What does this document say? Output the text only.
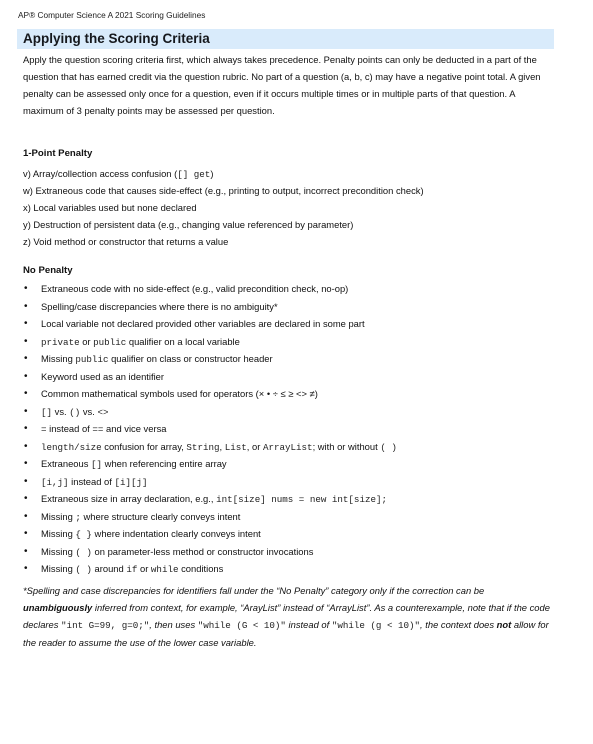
AP® Computer Science A 2021 Scoring Guidelines
Applying the Scoring Criteria
Apply the question scoring criteria first, which always takes precedence. Penalty points can only be deducted in a part of the question that has earned credit via the question rubric. No part of a question (a, b, c) may have a negative point total. A given penalty can be assessed only once for a question, even if it occurs multiple times or in multiple parts of that question. A maximum of 3 penalty points may be assessed per question.
1-Point Penalty
v) Array/collection access confusion ([] get)
w) Extraneous code that causes side-effect (e.g., printing to output, incorrect precondition check)
x) Local variables used but none declared
y) Destruction of persistent data (e.g., changing value referenced by parameter)
z) Void method or constructor that returns a value
No Penalty
• Extraneous code with no side-effect (e.g., valid precondition check, no-op)
• Spelling/case discrepancies where there is no ambiguity*
• Local variable not declared provided other variables are declared in some part
• private or public qualifier on a local variable
• Missing public qualifier on class or constructor header
• Keyword used as an identifier
• Common mathematical symbols used for operators (× • ÷ ≤ ≥ <> ≠)
• [] vs. () vs. <>
• = instead of == and vice versa
• length/size confusion for array, String, List, or ArrayList; with or without ( )
• Extraneous [] when referencing entire array
• [i,j] instead of [i][j]
• Extraneous size in array declaration, e.g., int[size] nums = new int[size];
• Missing ; where structure clearly conveys intent
• Missing { } where indentation clearly conveys intent
• Missing ( ) on parameter-less method or constructor invocations
• Missing ( ) around if or while conditions
*Spelling and case discrepancies for identifiers fall under the “No Penalty” category only if the correction can be unambiguously inferred from context, for example, “ArayList” instead of “ArrayList”. As a counterexample, note that if the code declares "int G=99, g=0;", then uses "while (G < 10)" instead of "while (g < 10)", the context does not allow for the reader to assume the use of the lower case variable.
